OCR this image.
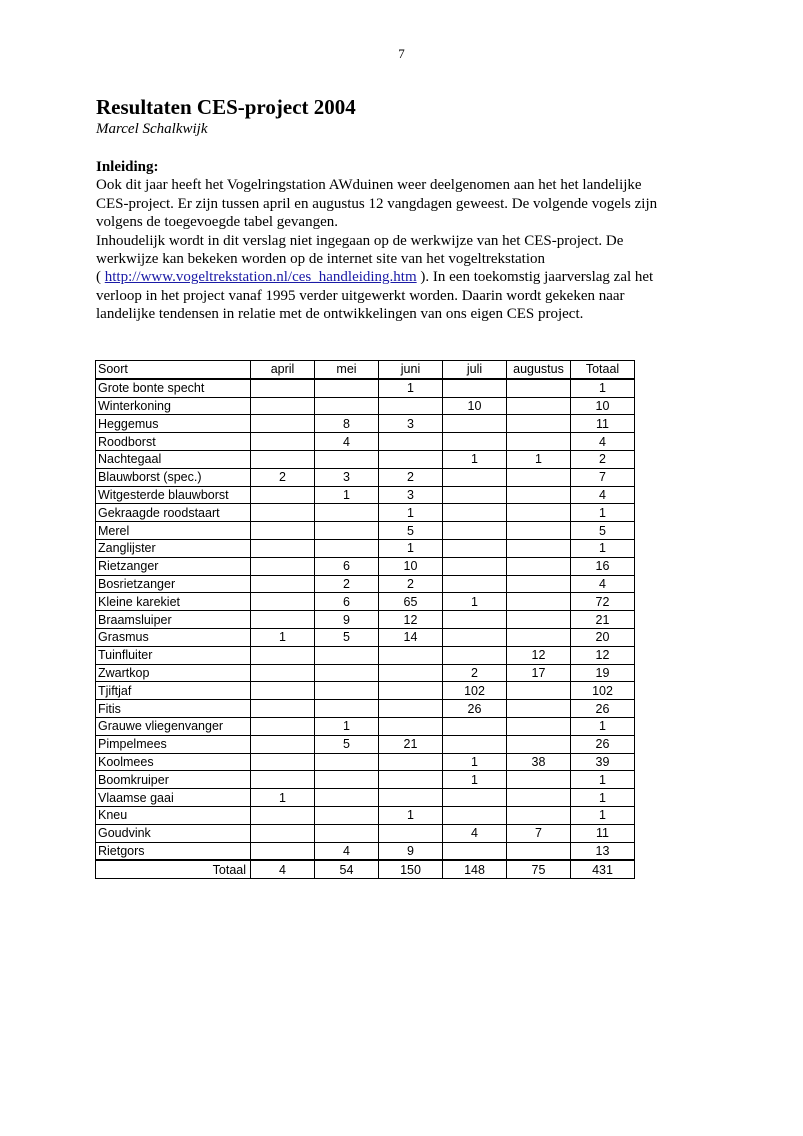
7
Resultaten CES-project 2004
Marcel Schalkwijk
Inleiding:
Ook dit jaar heeft het Vogelringstation AWduinen weer deelgenomen aan het het landelijke
CES-project. Er zijn tussen april en augustus 12 vangdagen geweest. De volgende vogels zijn
volgens de toegevoegde tabel gevangen.
Inhoudelijk wordt in dit verslag niet ingegaan op de werkwijze van het CES-project. De
werkwijze kan bekeken worden op de internet site van het vogeltrekstation
( http://www.vogeltrekstation.nl/ces_handleiding.htm ). In een toekomstig jaarverslag zal het
verloop in het project vanaf 1995 verder uitgewerkt worden. Daarin wordt gekeken naar
landelijke tendensen in relatie met de ontwikkelingen van ons eigen CES project.
Soort	april	mei	juni	juli	augustus	Totaal
Grote bonte specht			1			1
Winterkoning				10		10
Heggemus		8	3			11
Roodborst		4				4
Nachtegaal				1	1	2
Blauwborst (spec.)	2	3	2			7
Witgesterde blauwborst		1	3			4
Gekraagde roodstaart			1			1
Merel			5			5
Zanglijster			1			1
Rietzanger		6	10			16
Bosrietzanger		2	2			4
Kleine karekiet		6	65	1		72
Braamsluiper		9	12			21
Grasmus	1	5	14			20
Tuinfluiter					12	12
Zwartkop				2	17	19
Tjiftjaf				102		102
Fitis				26		26
Grauwe vliegenvanger		1				1
Pimpelmees		5	21			26
Koolmees				1	38	39
Boomkruiper				1		1
Vlaamse gaai	1					1
Kneu			1			1
Goudvink				4	7	11
Rietgors		4	9			13
Totaal	4	54	150	148	75	431
